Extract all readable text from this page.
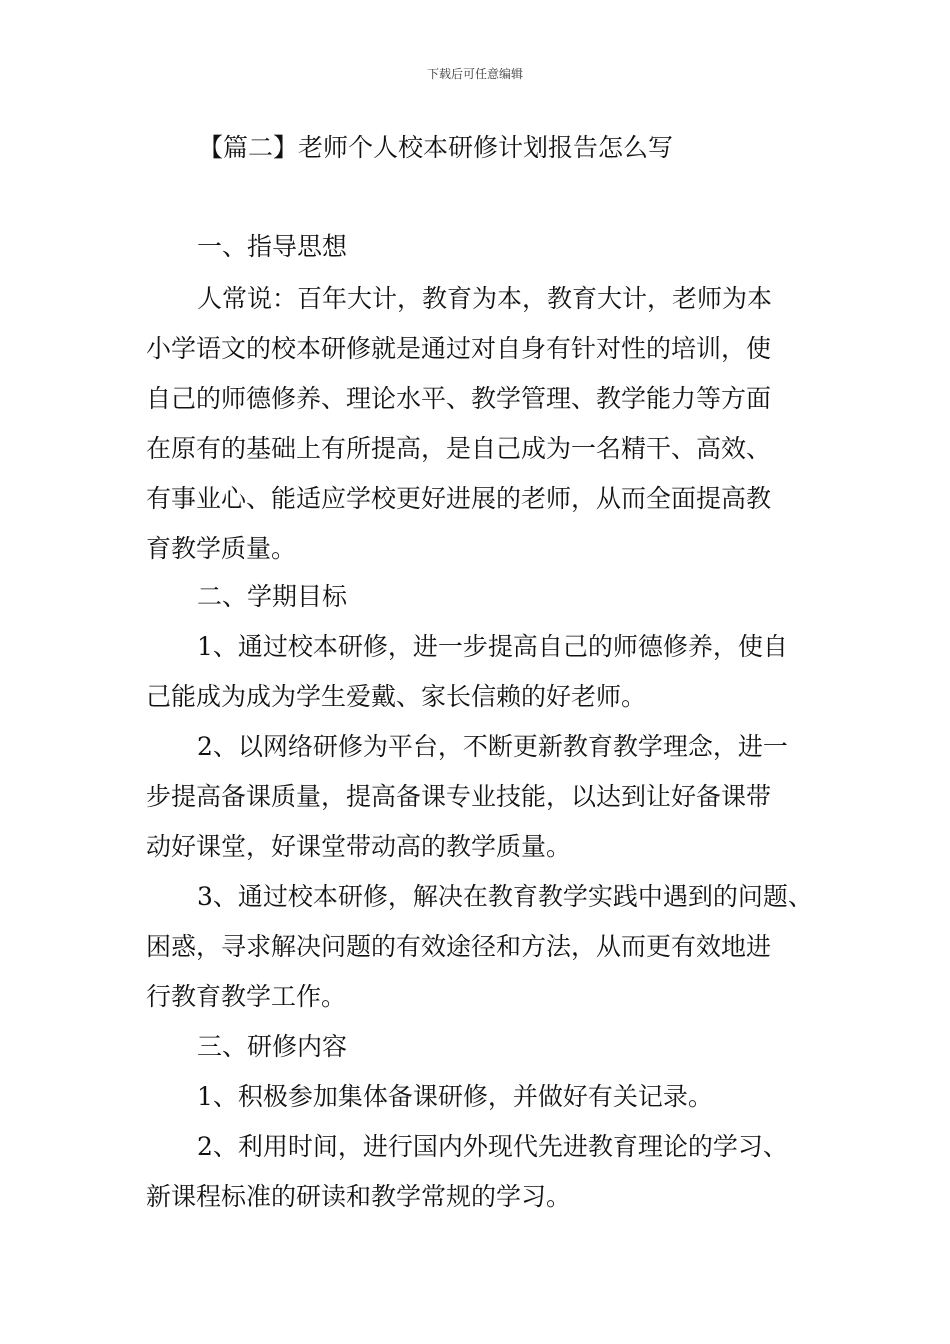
下载后可任意编辑
【篇二】老师个人校本研修计划报告怎么写
一、指导思想
人常说：百年大计，教育为本，教育大计，老师为本
小学语文的校本研修就是通过对自身有针对性的培训，使
自己的师德修养、理论水平、教学管理、教学能力等方面
在原有的基础上有所提高，是自己成为一名精干、高效、
有事业心、能适应学校更好进展的老师，从而全面提高教
育教学质量。
二、学期目标
1、通过校本研修，进一步提高自己的师德修养，使自
己能成为成为学生爱戴、家长信赖的好老师。
2、以网络研修为平台，不断更新教育教学理念，进一
步提高备课质量，提高备课专业技能，以达到让好备课带
动好课堂，好课堂带动高的教学质量。
3、通过校本研修，解决在教育教学实践中遇到的问题、
困惑，寻求解决问题的有效途径和方法，从而更有效地进
行教育教学工作。
三、研修内容
1、积极参加集体备课研修，并做好有关记录。
2、利用时间，进行国内外现代先进教育理论的学习、
新课程标准的研读和教学常规的学习。
